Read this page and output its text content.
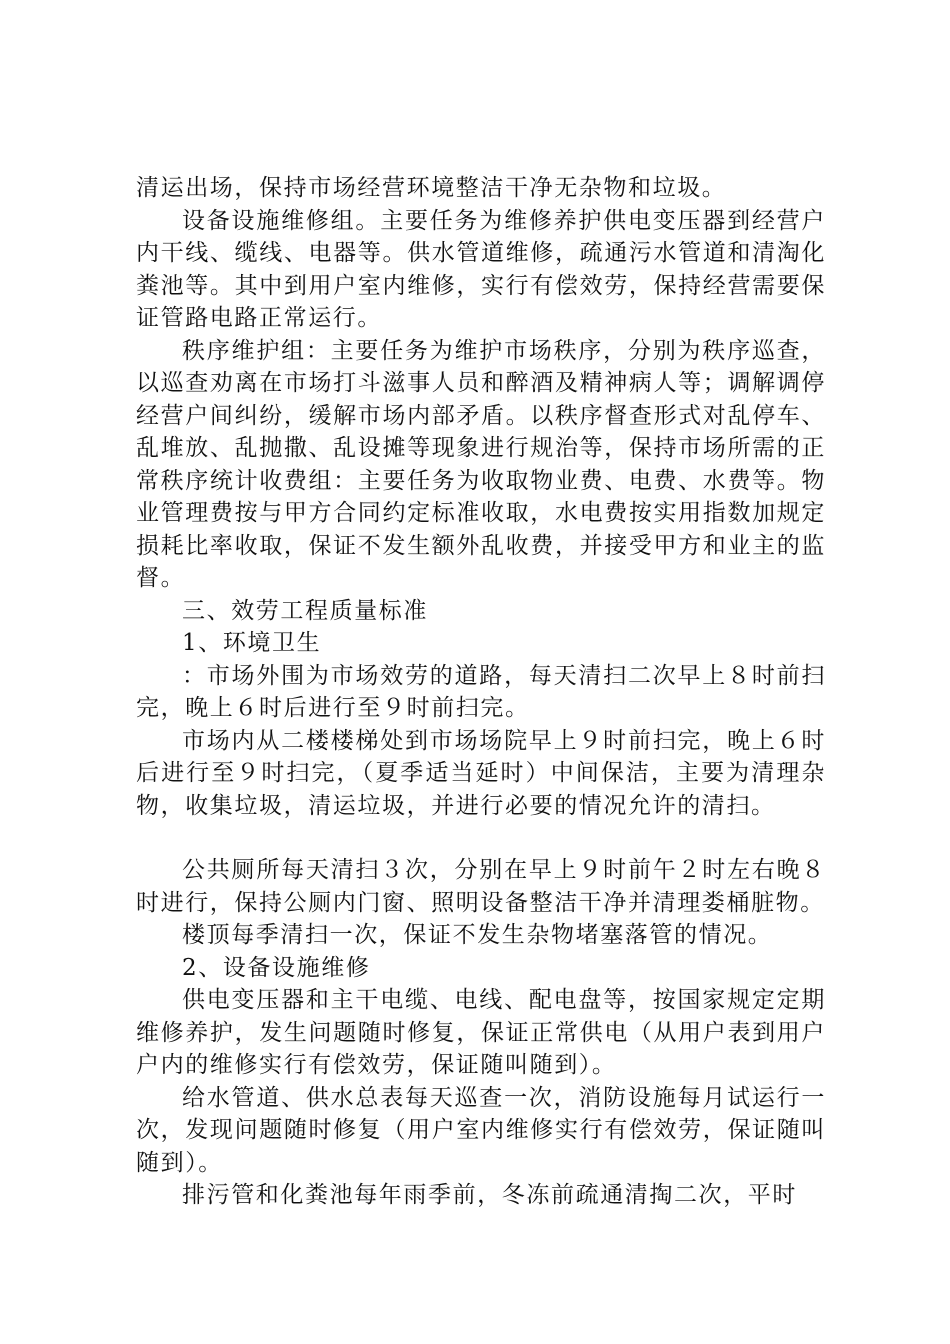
清运出场，保持市场经营环境整洁干净无杂物和垃圾。

设备设施维修组。主要任务为维修养护供电变压器到经营户内干线、缆线、电器等。供水管道维修，疏通污水管道和清淘化粪池等。其中到用户室内维修，实行有偿效劳，保持经营需要保证管路电路正常运行。

秩序维护组：主要任务为维护市场秩序，分别为秩序巡查，以巡查劝离在市场打斗滋事人员和醉酒及精神病人等；调解调停经营户间纠纷，缓解市场内部矛盾。以秩序督查形式对乱停车、乱堆放、乱抛撒、乱设摊等现象进行规治等，保持市场所需的正常秩序统计收费组：主要任务为收取物业费、电费、水费等。物业管理费按与甲方合同约定标准收取，水电费按实用指数加规定损耗比率收取，保证不发生额外乱收费，并接受甲方和业主的监督。

三、效劳工程质量标准

1、环境卫生

：市场外围为市场效劳的道路，每天清扫二次早上８时前扫完，晚上６时后进行至９时前扫完。

市场内从二楼楼梯处到市场场院早上９时前扫完，晚上６时后进行至９时扫完，（夏季适当延时）中间保洁，主要为清理杂物，收集垃圾，清运垃圾，并进行必要的情况允许的清扫。

公共厕所每天清扫３次，分别在早上９时前午２时左右晚８时进行，保持公厕内门窗、照明设备整洁干净并清理娄桶脏物。

楼顶每季清扫一次，保证不发生杂物堵塞落管的情况。

2、设备设施维修

供电变压器和主干电缆、电线、配电盘等，按国家规定定期维修养护，发生问题随时修复，保证正常供电（从用户表到用户户内的维修实行有偿效劳，保证随叫随到）。

给水管道、供水总表每天巡查一次，消防设施每月试运行一次，发现问题随时修复（用户室内维修实行有偿效劳，保证随叫随到）。

排污管和化粪池每年雨季前，冬冻前疏通清掏二次，平时
